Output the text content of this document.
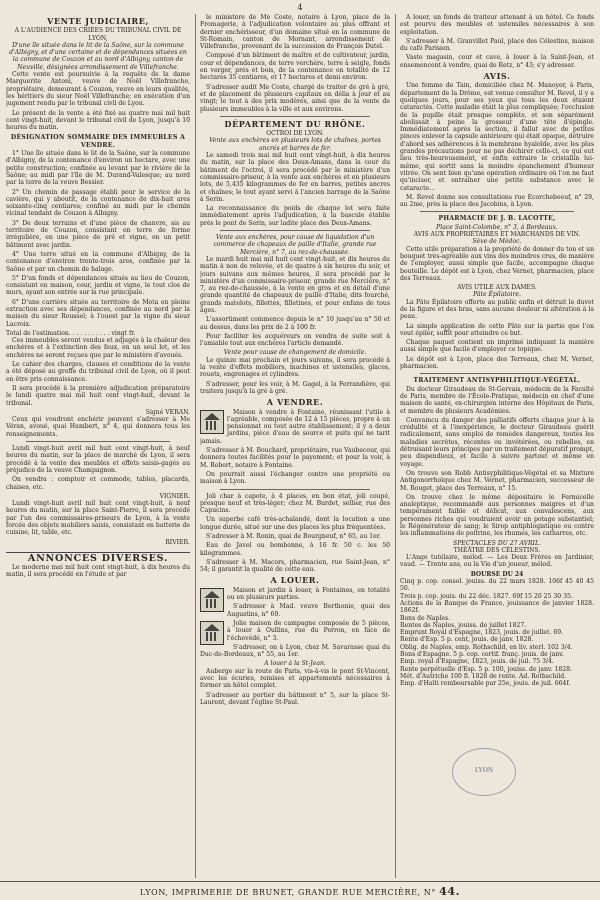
4
VENTE JUDICIAIRE,
A L'AUDIENCE DES CRIÉES DU TRIBUNAL CIVIL DE LYON,
D'une île située dans le lit de la Saône, sur la commune d'Albigny, et d'une certaine et de dépendances situées en la commune de Couzon et au nord d'Albigny, canton de Neuville, désignées arrondissement de Villefranche.

Cette vente est poursuivie à la requête de la dame Marguerite Antoni, veuve de Noël Villefranche, propriétaire, demeurant à Couzon, veuve en leurs qualités, les héritiers du sieur Noël Villefranche; en exécution d'un jugement rendu par le tribunal civil de Lyon.

Le présent de la vente a été fixé au quatre mai mil huit cent vingt-huit, devant le tribunal civil de Lyon, jusqu'à 10 heures du matin.

DÉSIGNATION SOMMAIRE DES IMMEUBLES A VENDRE.

1° Une île située dans le lit de la Saône, sur la commune d'Albigny, de la contenance d'environ un hectare, avec une petite construction; confinée au levant par le rivière de la Saône; au midi par l'île de M. Durand-Valesque; au nord par la terre de la veuve Bessier.

2° Un chemin de passage établi pour le service de la cavière, qui y aboutit, de la contenance de dix-huit ares soixante-cinq centiares; confiné au midi par le chemin vicinal tendant de Couzon à Albigny.

3° De deux terrains et d'une pièce de chanvre, sis au territoire de Couzon, consistant en terre de forme irrégulière, en une pièce de pré et vigne, en un petit bâtiment avec jardin.

4° Une terre situé en la commune d'Albigny, de la contenance d'environ trente-trois ares, confinée par la Saône et par un chemin de halage.

5° D'un fonds et dépendances situés au lieu de Couzon, consistant en maison, cour, jardin et vigne, le tout clos de murs, ayant son entrée sur la rue principale.

6° D'une carrière située au territoire de Mota en pleine extraction avec ses dépendances, confinée au nord par la maison du sieur Roussel; à l'ouest par la vigne du sieur Lacroix.

Total de l'estimation. . . . . . . . . . . vingt fr.

Ces immeubles seront vendus et adjugés à la chaleur des enchères et à l'extinction des feux, en un seul lot, et les enchères ne seront reçues que par le ministère d'avoués.

Le cahier des charges, clauses et conditions de la vente a été déposé au greffe du tribunal civil de Lyon, où il peut en être pris connaissance.

Il sera procédé à la première adjudication préparatoire le lundi quatre mai mil huit cent vingt-huit, devant le tribunal.

Signé VERAN.

Ceux qui voudront enchérir peuvent s'adresser à Me Véran, avoué, quai Humbert, n° 4, qui donnera tous les renseignements.

Lundi vingt-huit avril mil huit cent vingt-huit, à neuf heures du matin, sur la place de marché de Lyon, il sera procédé à la vente des meubles et effets saisis-gagés au préjudice de la veuve Champagnon.

On vendra : comptoir et commode, tables, placards, chaises, etc.

VIGNIER.

Lundi vingt-huit avril mil huit cent vingt-huit, à neuf heures du matin, sur la place Saint-Pierre, il sera procédé par l'un des commissaires-priseurs de Lyon, à la vente forcée des objets mobiliers saisis, consistant en batterie de cuisine, lit, table, etc.

RIVIER.
ANNONCES DIVERSES.

Le moderne mai mil huit cent vingt-huit, à dix heures du matin, il sera procédé en l'étude et par

le ministère de Me Coste, notaire à Lyon, place de la Fromagerie, à l'adjudication volontaire au plus offrant et dernier enchérisseur, d'un domaine situé en la commune de St-Romain, canton de Mornant, arrondissement de Villefranche, provenant de la succession de François Dutel.

Composé d'un bâtiment de maître et de cultivateur, jardin, cour et dépendances, de terre verchère, terre à seigle, fonds en verger, prés et bois, de la contenance en totalité de 12 hectares 35 centiares, et 17 hectares et demi environ.

S'adresser audit Me Coste, chargé de traiter de gré à gré, et de placement de plusieurs capitaux en délia à jour et au vingt; le tout à des prix modérés, ainsi que de la vente de plusieurs immeubles à la ville et aux environs.

DÉPARTEMENT DU RHÔNE.
OCTROI DE LYON.
Vente aux enchères en plusieurs lots de chaînes, portes ancrés et barres de fer.

Le samedi trois mai mil huit cent vingt-huit, à dix heures du matin, sur la place des Deux-Amans, dans la cour du bâtiment de l'octroi, il sera procédé par le ministère d'un commissaire-priseur, à la vente aux enchères et en plusieurs lots, de 5,435 kilogrammes de fer en barres, petites ancres et chaînes; le tout ayant servi à l'ancien barrage de la Saône à Serin.

La reconnaissance du poids de chaque lot sera faite immédiatement après l'adjudication, à la bascule établie près le pont de Serin, sur ladite place des Deux-Amans.

Vente aux enchères, pour cause de liquidation d'un commerce de chapeaux de paille d'Italie, grande rue Mercière, n° 7, au rez-de-chaussée.

Le mardi huit mai mil huit cent vingt-huit, et dix heures du matin à non de relevée, et de quatre à six heures du soir, et jours suivans aux mêmes heures, il sera procédé par le ministère d'un commissaire-priseur, grande rue Mercière, n° 7, au rez-de-chaussée, à la vente en gros et en détail d'une grande quantité de chapeaux de paille d'Italie, dits fourché, grands matelots, fillettes, filletines, et pour enfans de tous âges.

L'assortiment commence depuis le n° 10 jusqu'au n° 50 et au dessus, dans les prix de 2 à 100 fr.

Pour faciliter les acquéreurs on vendra de suite soit à l'amiable tout aux enchères l'article demandé.

Vente pour cause de changement de domicile.

Le quinze mai prochain et jours suivans, il sera procédé à la vente d'effets mobiliers, machines et ustensiles, glaces, rouets, engrenages et cylindres.

S'adresser, pour les voir, à M. Gagel, à la Ferrandière, qui traitera jusqu'à la gré à gré.

A VENDRE.

Maison à vendre à Fontaine, réunissant l'utile à l'agréable, composée de 12 à 15 pièces, propre à un pensionnat ou tout autre établissement; il y a deux jardins, pièce d'eau de source et puits qui ne tarit jamais.

S'adresser à M. Bouchard, propriétaire, rue Vaubecour, qui donnera toutes facilités pour le payement; et pour la voir, à M. Robert, notaire à Fontaine.

On pourrait aussi l'échanger contre une propriété ou maison à Lyon.

Joli char à capote, à 4 places, en bon état, joli coupé, presque neuf et très-léger; chez M. Burdet, sellier, rue des Capucins.

Un superbe café très-achalandé, dont la location a une longue durée, situé sur une des places les plus fréquentées.

S'adresser à M. Ronin, quai de Bourgneuf, n° 65, au 1er.

Eau de Javel ou bombonne, à 16 fr. 50 c. les 50 kilogrammes.

S'adresser à M. Macors, pharmacien, rue Saint-Jean, n° 54; il garantit la qualité de cette eau.

A LOUER.

Maison et jardin à louer, à Fontaines, en totalité ou en plusieurs parties.

S'adresser à Mad. veuve Berthonie, quai des Augustins, n° 69.

Jolie maison de campagne composée de 5 pièces, à louer à Oullins, rue du Perron, en face de l'échevédé, n° 3.

S'adresser, on à Lyon, chez M. Savarasse quai du Duc-de-Bordeaux, n° 55, au 1er.

A louer à la St-Jean.

Auberge sur la route de Paris, vis-à-vis le pont St-Vincent, avec les écuries, remises et appartements nécessaires à former un hôtel complet.

S'adresser au portier du bâtiment n° 5, sur la place St-Laurent, devant l'église St-Paul.

A louer, un fonds de traiteur attenant à un hôtel. Ce fonds est pourvu des meubles et ustensiles nécessaires à son exploitation.

S'adresser à M. Granvillet Paul, place des Célestins, maison du café Parisien.

Vaste magasin, cour et cave, à louer à la Saint-Jean, et ensemencent à vendre, quai de Retz, n° 43; s'y adresser.

AVIS.

Une femme de Tain, domiciliée chez M. Manoyer, à Paris, département de la Drôme, est venue consulter M. Revel, il y a quelques jours, pour ses yeux qui tous les deux étaient cataractés. Cette maladie était la plus compliquée; l'occlusion de la pupille était presque complète, et son séparément abolissait à peine la grosseur d'une tête d'épingle. Immédiatement après la section, il fallut avec de petites pinces enlever la capsule antérieure qui était opaque, détruire d'abord ses adhérences à la membrane hyaloïde, avec les plus grandes précautions pour ne pas déchirer celle-ci, ce qui eut lieu très-heureusement, et enfin extraire le cristallin lui-même, qui sortit sans la moindre épanchement d'humeur vitrée. On sent bien qu'une opération ordinaire où l'on ne faut qu'inciser, et entraîner une petite substance avec le cataracte...

M. Revel donne ses consultations rue Ecorcheboeuf, n° 29, au 2me, près la place des Jacobins, à Lyon.

PHARMACIE DE J. B. LACOTTE,
Place Saint-Colombe, n° 3, à Bordeaux.
AVIS AUX PROPRIÉTAIRES ET MARCHANDS DE VIN.
Sève de Médoc.

Cette utile préparation a la propriété de donner du ton et un bouquet très-agréable aux vins des moindres crus, de manière de l'employer, aussi simple que facile, accompagne chaque bouteille. Le dépôt est à Lyon, chez Vernet, pharmacien, place des Terreaux.

AVIS UTILE AUX DAMES.
Pâte Épilatoire.

La Pâte Épilatoire offerte au public enfin et détruit le duvet de la figure et des bras, sans aucune douleur ni altération à la peau.

La simple application de cette Pâte sur la partie que l'on veut épiler, suffit pour atteindre ce but.

Chaque paquet contient un imprimé indiquant la manière aussi simple que facile d'employer ce topique.

Le dépôt est à Lyon, place des Terreaux, chez M. Vernet, pharmacien.

TRAITEMENT ANTISYPHILITIQUE-VÉGÉTAL.

Du docteur Giraudeau de St-Gervais, médecin de la Faculté de Paris, membre de l'École-Pratique, médecin en chef d'une maison de santé, ex-chirurgien interne des Hôpitaux de Paris, et membre de plusieurs Académies.

Convaincu du danger des palliatifs offerts chaque jour à la crédulité et à l'inexpérience, le docteur Giraudeau guérit radicalement, sans emploi de remèdes dangereux, toutes les maladies secrètes, récentes ou invétérées, ou rebelles, en détruisant leurs principes par un traitement dépuratif prompt, peu dispendieux, et facile à suivre partout et même en voyage.

On trouve son Robb Antisyphilitique-Végétal et sa Mixture Antigonorrhoïque chez M. Vernet, pharmacien, successeur de M. Rouget, place des Terreaux, n° 15.

On trouve chez le même dépositaire le Fermicelle analeptique, recommandé aux personnes maigres et d'un tempérament faible et délicat, aux convalescens, aux personnes riches qui voudraient avoir un potage substantiel; le Régénérateur de sang; le Sirop antiphlogistique ou contre les inflammations de poitrine, les rhumes, les catharres, etc.

SPECTACLES DU 27 AVRIL.
THÉÂTRE DES CÉLESTINS.

L'Ange tutélaire, mélod. — Les Deux Frères en Jardinier, vaud. — Trente ans, ou la Vie d'un joueur, mélod.

BOURSE DU 24
Cinq p. cop. consol. jouiss. du 22 mars 1828. 106f 45 40 45 50.
Trois p. cop. jouis. du 22 déc. 1827. 69f 15 20 25 30 35.
Actions de la Banque de France, jouissance de janvier 1828. 1862f.
Bons de Naples.
Rentes de Naples, jouiss. de juillet 1827.
Emprunt Royal d'Espagne, 1823, jouis. de juillet. 69.
Rente d'Esp. 5 p. cent, jouis. de janv. 1828.
Oblig. de Naples, emp. Rothschild, en liv. sterl. 102 3/4.
Bons d'Espagne. 5 p. cop. certif. franç. jouis. de janv.
Emp. royal d'Espagne, 1823, jouis. de juil. 75 3/4.
Rente perpétuelle d'Esp. 5 p. 100, jouiss. de janv. 1828.
Mét. d'Autriche 100 fl. 1828 de rente. Ad. Rothschild.
Emp. d'Haïti remboursable par 25e, jouis. de juil. 664f.
LYON
LYON, IMPRIMERIE DE BRUNET, GRANDE RUE MERCIÈRE, N° 44.
